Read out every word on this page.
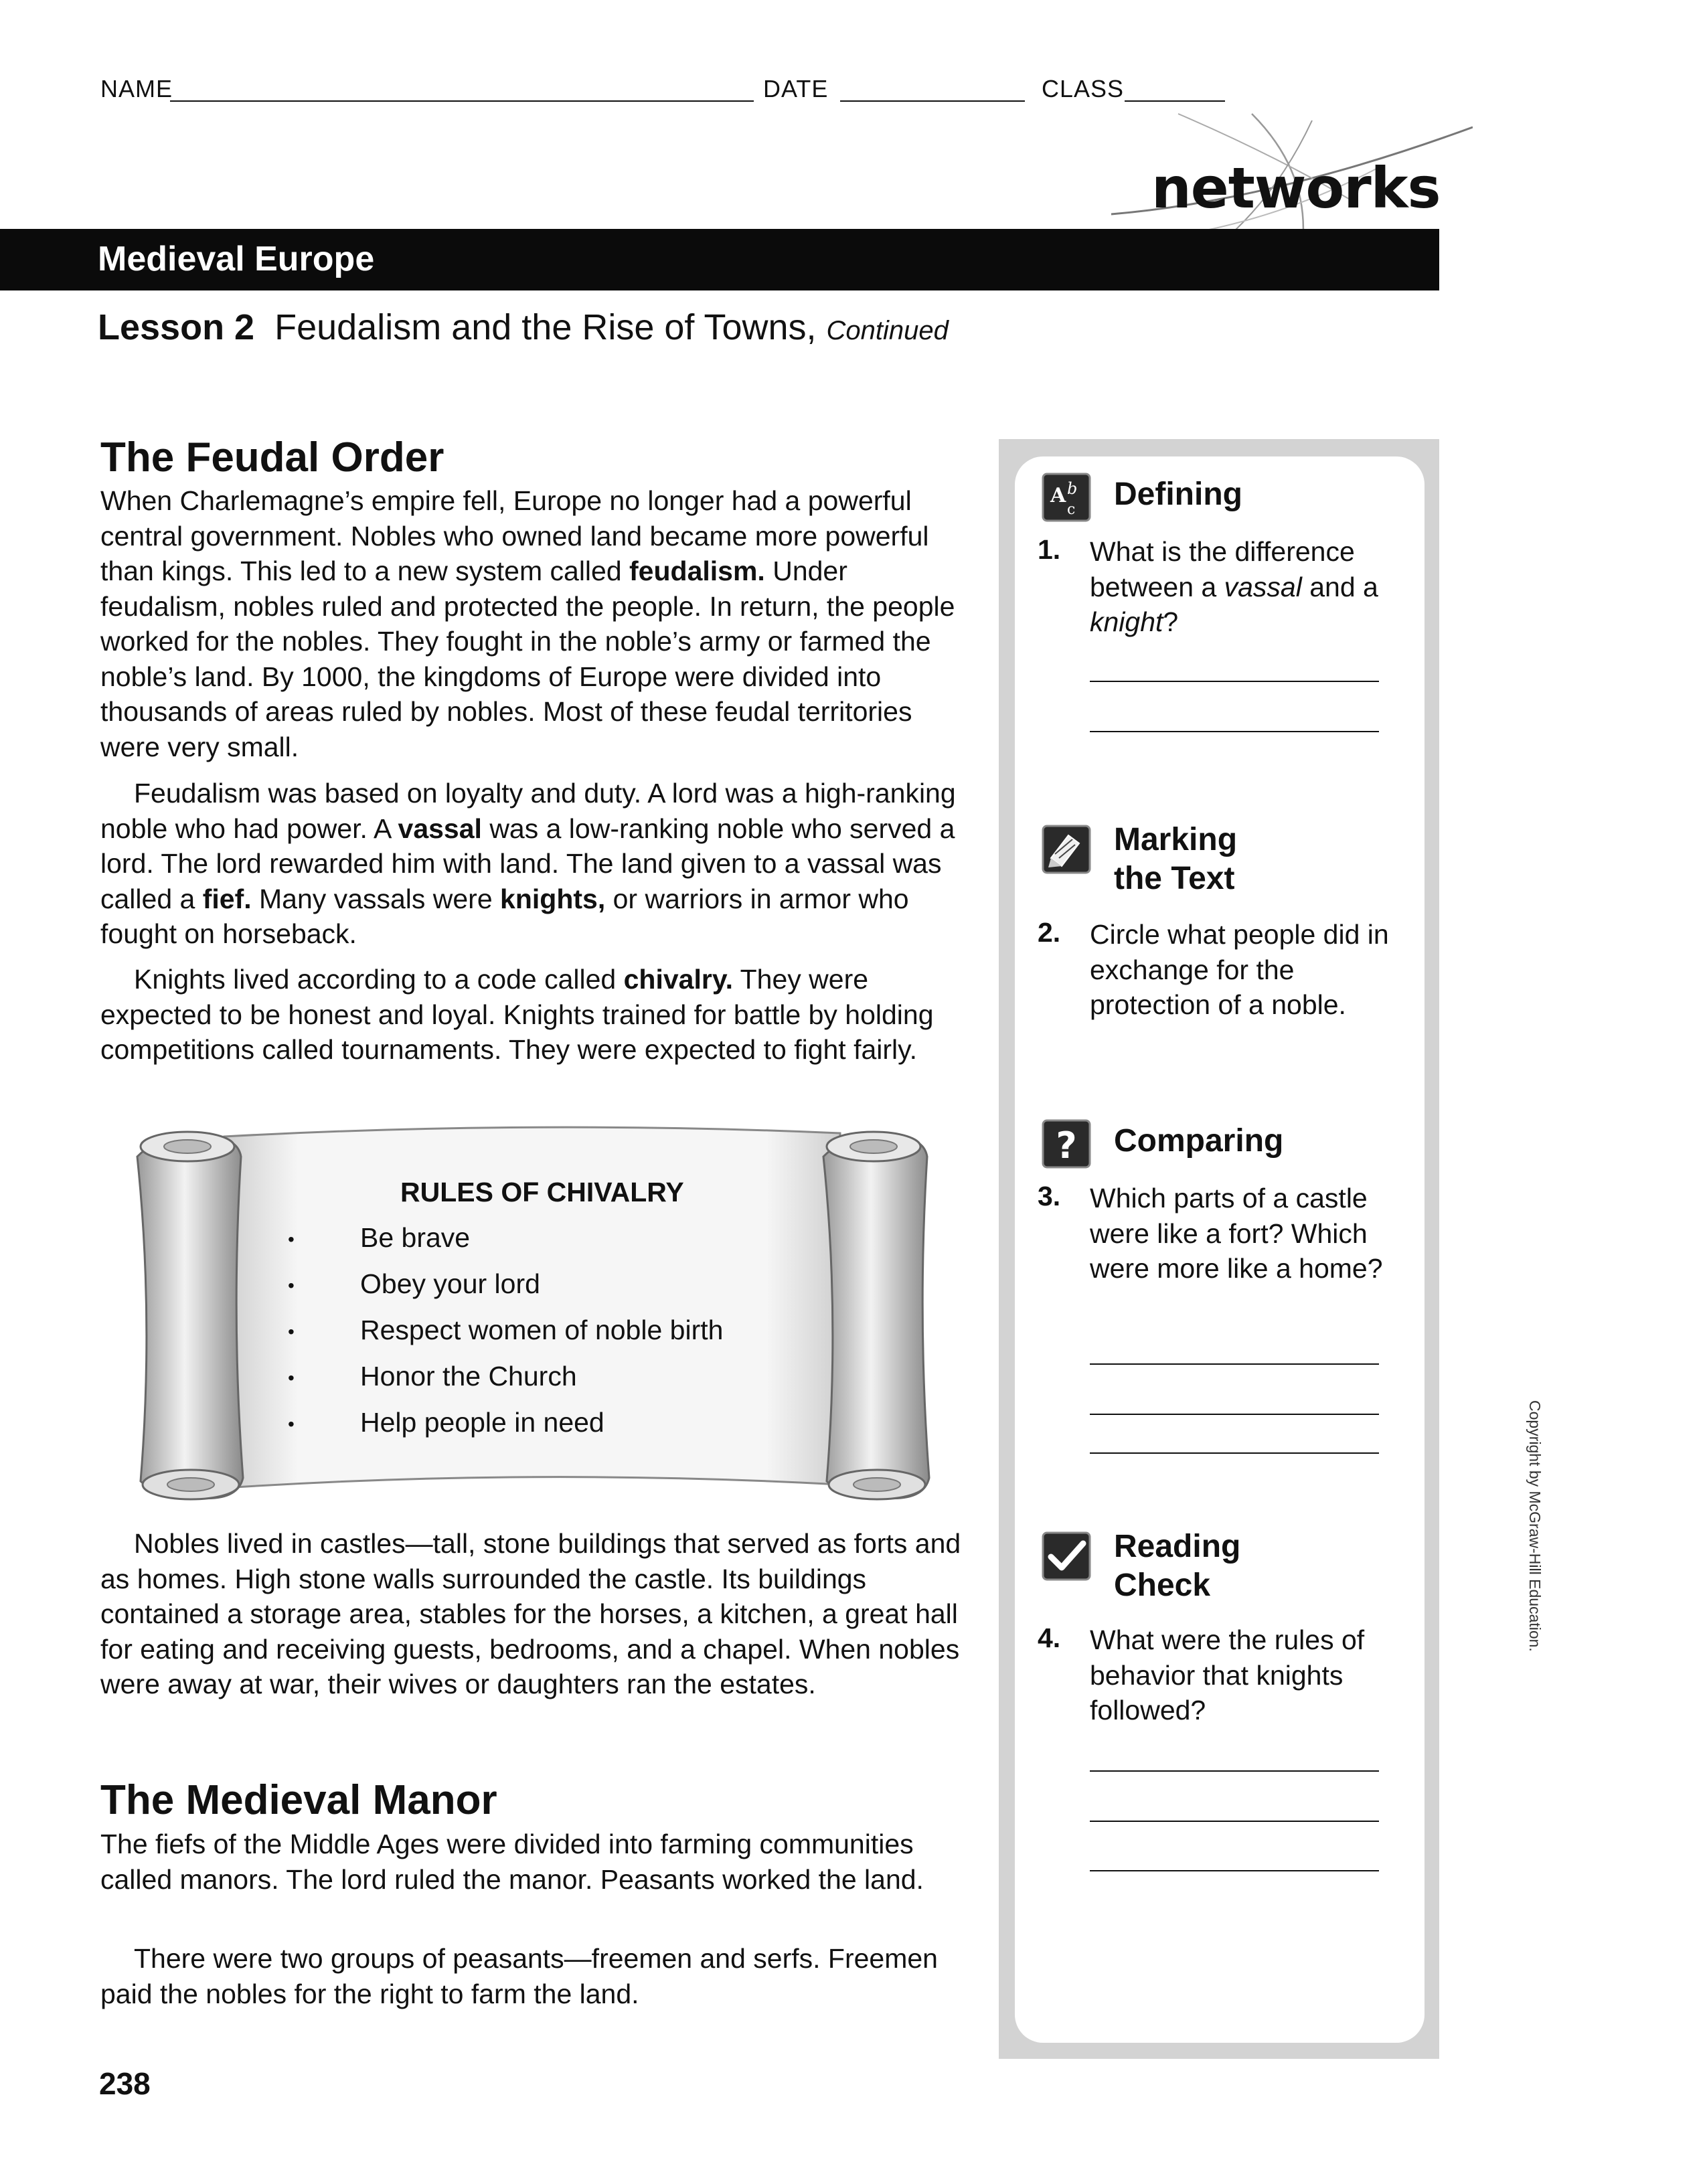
NAME	DATE	CLASS
networks
Medieval Europe
Lesson 2 Feudalism and the Rise of Towns, Continued
The Feudal Order

When Charlemagne’s empire fell, Europe no longer had a powerful central government. Nobles who owned land became more powerful than kings. This led to a new system called feudalism. Under feudalism, nobles ruled and protected the people. In return, the people worked for the nobles. They fought in the noble’s army or farmed the noble’s land. By 1000, the kingdoms of Europe were divided into thousands of areas ruled by nobles. Most of these feudal territories were very small.

Feudalism was based on loyalty and duty. A lord was a high-ranking noble who had power. A vassal was a low-ranking noble who served a lord. The lord rewarded him with land. The land given to a vassal was called a fief. Many vassals were knights, or warriors in armor who fought on horseback.

Knights lived according to a code called chivalry. They were expected to be honest and loyal. Knights trained for battle by holding competitions called tournaments. They were expected to fight fairly.

RULES OF CHIVALRY
• Be brave
• Obey your lord
• Respect women of noble birth
• Honor the Church
• Help people in need

Nobles lived in castles—tall, stone buildings that served as forts and as homes. High stone walls surrounded the castle. Its buildings contained a storage area, stables for the horses, a kitchen, a great hall for eating and receiving guests, bedrooms, and a chapel. When nobles were away at war, their wives or daughters ran the estates.

The Medieval Manor

The fiefs of the Middle Ages were divided into farming communities called manors. The lord ruled the manor. Peasants worked the land.

There were two groups of peasants—freemen and serfs. Freemen paid the nobles for the right to farm the land.

238
A b
c Defining
1. What is the difference between a vassal and a knight?
Marking
the Text
2. Circle what people did in exchange for the protection of a noble.
? Comparing
3. Which parts of a castle were like a fort? Which were more like a home?
Reading
Check
4. What were the rules of behavior that knights followed?
Copyright by McGraw-Hill Education.
